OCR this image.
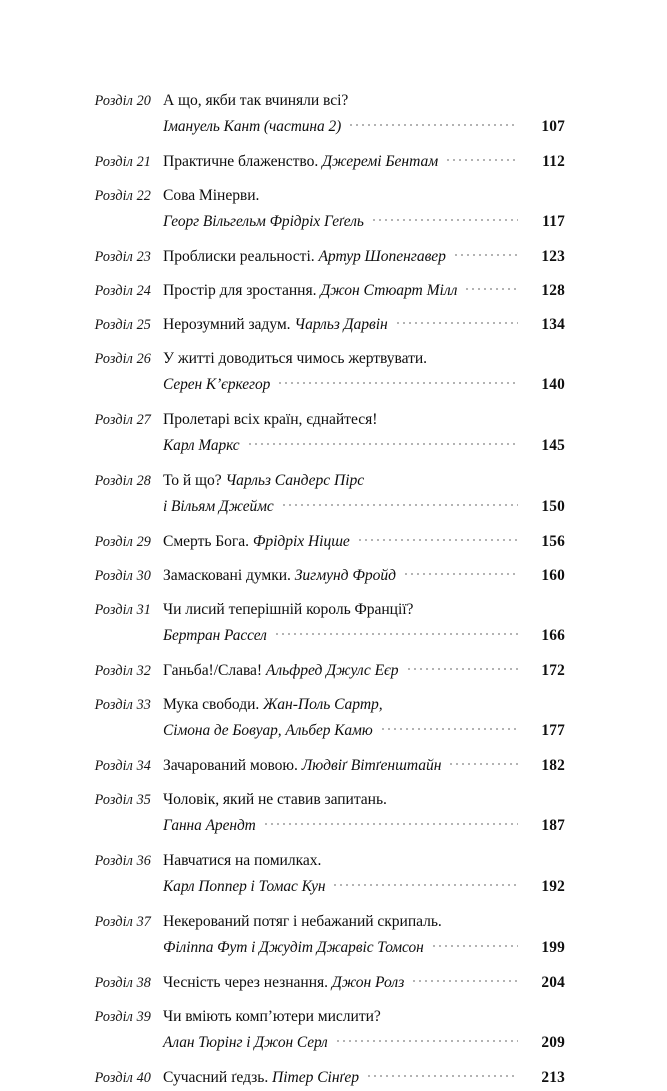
Розділ 20 А що, якби так вчиняли всі?
Імануель Кант (частина 2)	107
Розділ 21 Практичне блаженство. Джеремі Бентам	112
Розділ 22 Сова Мінерви.
Георг Вільгельм Фрідріх Геґель	117
Розділ 23 Проблиски реальності. Артур Шопенгавер	123
Розділ 24 Простір для зростання. Джон Стюарт Мілл	128
Розділ 25 Нерозумний задум. Чарльз Дарвін	134
Розділ 26 У житті доводиться чимось жертвувати.
Серен К’єркегор	140
Розділ 27 Пролетарі всіх країн, єднайтеся!
Карл Маркс	145
Розділ 28 То й що? Чарльз Сандерс Пірс
і Вільям Джеймс	150
Розділ 29 Смерть Бога. Фрідріх Ніцше	156
Розділ 30 Замасковані думки. Зигмунд Фройд	160
Розділ 31 Чи лисий теперішній король Франції?
Бертран Рассел	166
Розділ 32 Ганьба!/Слава! Альфред Джулс Еєр	172
Розділ 33 Мука свободи. Жан-Поль Сартр,
Сімона де Бовуар, Альбер Камю	177
Розділ 34 Зачарований мовою. Людвіґ Вітґенштайн	182
Розділ 35 Чоловік, який не ставив запитань.
Ганна Арендт	187
Розділ 36 Навчатися на помилках.
Карл Поппер і Томас Кун	192
Розділ 37 Некерований потяг і небажаний скрипаль.
Філіппа Фут і Джудіт Джарвіс Томсон	199
Розділ 38 Чесність через незнання. Джон Ролз	204
Розділ 39 Чи вміють комп’ютери мислити?
Алан Тюрінг і Джон Серл	209
Розділ 40 Сучасний ґедзь. Пітер Сінґер	213
